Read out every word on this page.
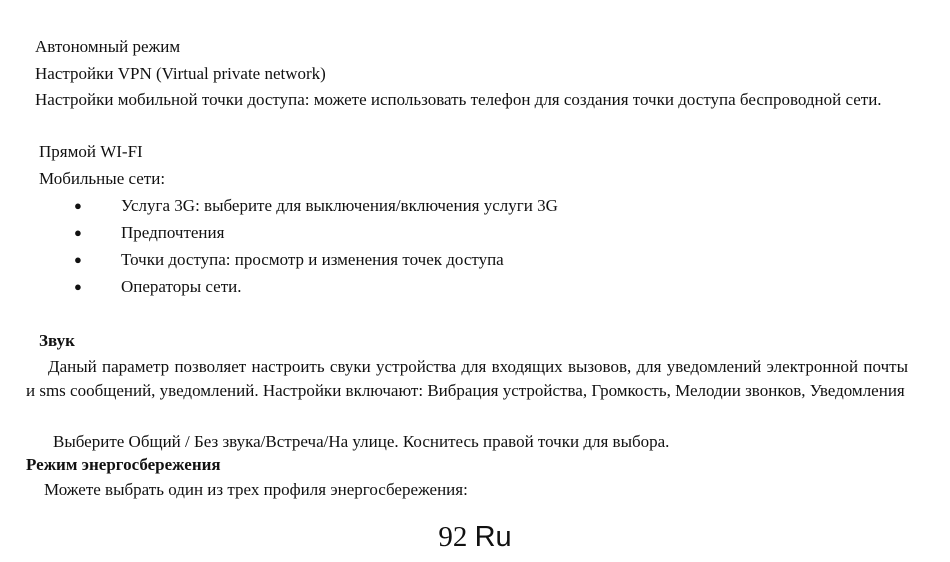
Автономный режим
Настройки VPN (Virtual private network)
Настройки мобильной точки доступа: можете использовать телефон для создания точки доступа беспроводной сети.
Прямой WI-FI
Мобильные сети:
● Услуга 3G: выберите для выключения/включения услуги 3G
● Предпочтения
● Точки доступа: просмотр и изменения точек доступа
● Операторы сети.
Звук
Даный параметр позволяет настроить свуки устройства для входящих вызовов, для уведомлений электронной почты и sms сообщений, уведомлений. Настройки включают: Вибрация устройства, Громкость, Мелодии звонков, Уведомления
Выберите Общий / Без звука/Встреча/На улице. Коснитесь правой точки для выбора.
Режим энергосбережения
Можете выбрать один из трех профиля энергосбережения:
92 Ru
